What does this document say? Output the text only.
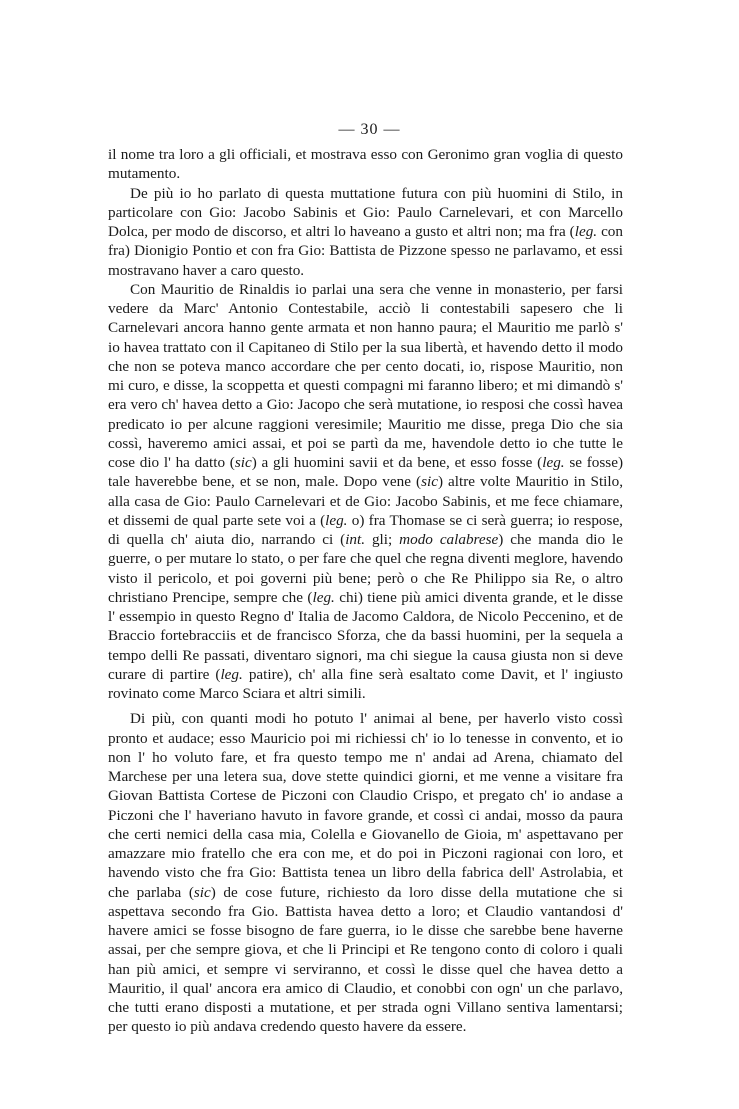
— 30 —

il nome tra loro a gli officiali, et mostrava esso con Geronimo gran voglia di questo mutamento.

De più io ho parlato di questa muttatione futura con più huomini di Stilo, in particolare con Gio: Jacobo Sabinis et Gio: Paulo Carnelevari, et con Marcello Dolca, per modo de discorso, et altri lo haveano a gusto et altri non; ma fra (leg. con fra) Dionigio Pontio et con fra Gio: Battista de Pizzone spesso ne parlavamo, et essi mostravano haver a caro questo.

Con Mauritio de Rinaldis io parlai una sera che venne in monasterio, per farsi vedere da Marc' Antonio Contestabile, acciò li contestabili sapesero che li Carnelevari ancora hanno gente armata et non hanno paura; el Mauritio me parlò s' io havea trattato con il Capitaneo di Stilo per la sua libertà, et havendo detto il modo che non se poteva manco accordare che per cento docati, io, rispose Mauritio, non mi curo, e disse, la scoppetta et questi compagni mi faranno libero; et mi dimandò s' era vero ch' havea detto a Gio: Jacopo che serà mutatione, io resposi che cossì havea predicato io per alcune raggioni veresimile; Mauritio me disse, prega Dio che sia cossì, haveremo amici assai, et poi se partì da me, havendole detto io che tutte le cose dio l' ha datto (sic) a gli huomini savii et da bene, et esso fosse (leg. se fosse) tale haverebbe bene, et se non, male. Dopo vene (sic) altre volte Mauritio in Stilo, alla casa de Gio: Paulo Carnelevari et de Gio: Jacobo Sabinis, et me fece chiamare, et dissemi de qual parte sete voi a (leg. o) fra Thomase se ci serà guerra; io respose, di quella ch' aiuta dio, narrando ci (int. gli; modo calabrese) che manda dio le guerre, o per mutare lo stato, o per fare che quel che regna diventi meglore, havendo visto il pericolo, et poi governi più bene; però o che Re Philippo sia Re, o altro christiano Prencipe, sempre che (leg. chi) tiene più amici diventa grande, et le disse l' essempio in questo Regno d' Italia de Jacomo Caldora, de Nicolo Peccenino, et de Braccio fortebracciis et de francisco Sforza, che da bassi huomini, per la sequela a tempo delli Re passati, diventaro signori, ma chi siegue la causa giusta non si deve curare di partire (leg. patire), ch' alla fine serà esaltato come Davit, et l' ingiusto rovinato come Marco Sciara et altri simili.

Di più, con quanti modi ho potuto l' animai al bene, per haverlo visto cossì pronto et audace; esso Mauricio poi mi richiessi ch' io lo tenesse in convento, et io non l' ho voluto fare, et fra questo tempo me n' andai ad Arena, chiamato del Marchese per una letera sua, dove stette quindici giorni, et me venne a visitare fra Giovan Battista Cortese de Piczoni con Claudio Crispo, et pregato ch' io andase a Piczoni che l' haveriano havuto in favore grande, et cossì ci andai, mosso da paura che certi nemici della casa mia, Colella e Giovanello de Gioia, m' aspettavano per amazzare mio fratello che era con me, et do poi in Piczoni ragionai con loro, et havendo visto che fra Gio: Battista tenea un libro della fabrica dell' Astrolabia, et che parlaba (sic) de cose future, richiesto da loro disse della mutatione che si aspettava secondo fra Gio. Battista havea detto a loro; et Claudio vantandosi d' havere amici se fosse bisogno de fare guerra, io le disse che sarebbe bene haverne assai, per che sempre giova, et che li Principi et Re tengono conto di coloro i quali han più amici, et sempre vi serviranno, et cossì le disse quel che havea detto a Mauritio, il qual' ancora era amico di Claudio, et conobbi con ogn' un che parlavo, che tutti erano disposti a mutatione, et per strada ogni Villano sentiva lamentarsi; per questo io più andava credendo questo havere da essere.
